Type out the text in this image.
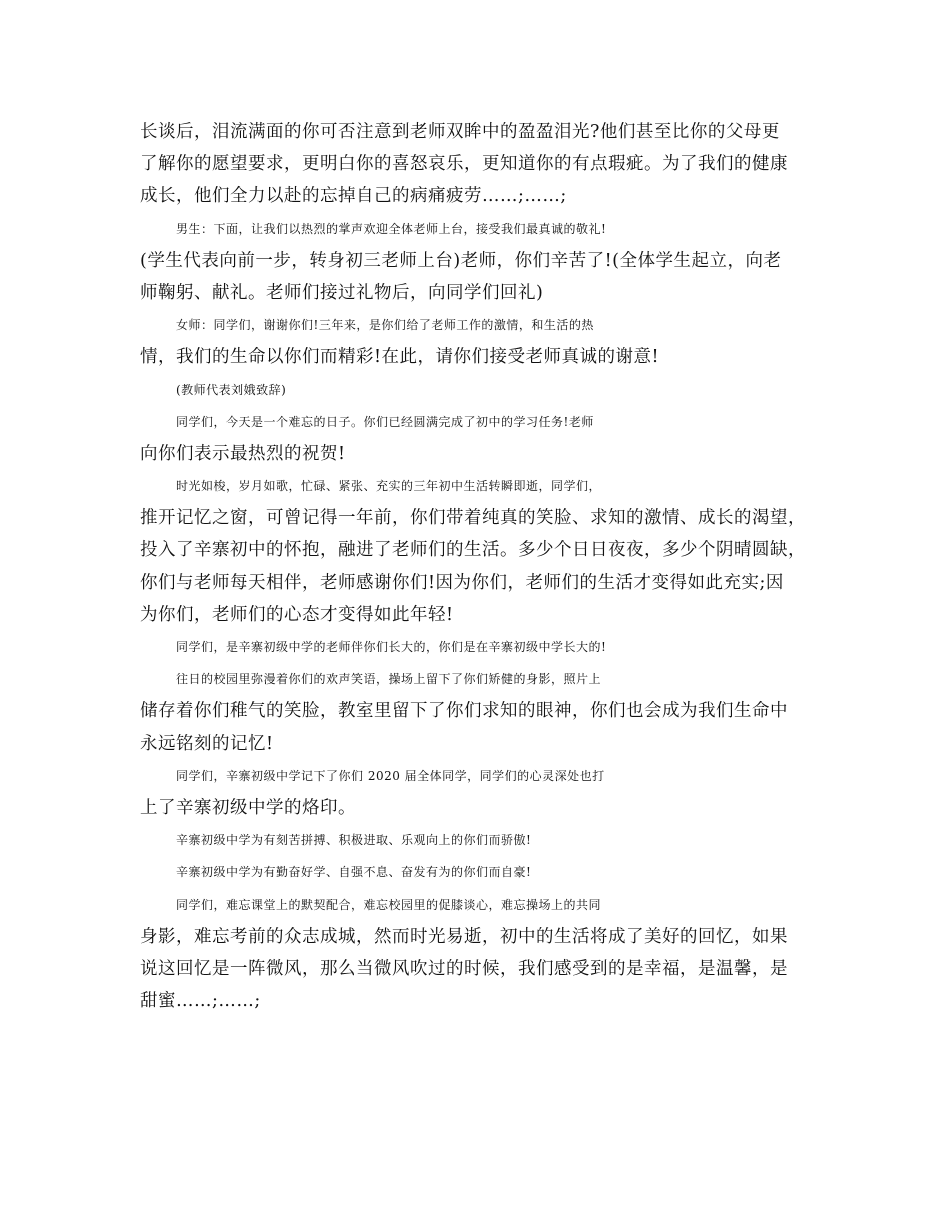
长谈后，泪流满面的你可否注意到老师双眸中的盈盈泪光?他们甚至比你的父母更
了解你的愿望要求，更明白你的喜怒哀乐，更知道你的有点瑕疵。为了我们的健康
成长，他们全力以赴的忘掉自己的病痛疲劳……;……;
男生：下面，让我们以热烈的掌声欢迎全体老师上台，接受我们最真诚的敬礼!
(学生代表向前一步，转身初三老师上台)老师，你们辛苦了!(全体学生起立，向老
师鞠躬、献礼。老师们接过礼物后，向同学们回礼)
女师：同学们，谢谢你们!三年来，是你们给了老师工作的激情，和生活的热
情，我们的生命以你们而精彩!在此，请你们接受老师真诚的谢意!
(教师代表刘娥致辞)
同学们，今天是一个难忘的日子。你们已经圆满完成了初中的学习任务!老师
向你们表示最热烈的祝贺!
时光如梭，岁月如歌，忙碌、紧张、充实的三年初中生活转瞬即逝，同学们，
推开记忆之窗，可曾记得一年前，你们带着纯真的笑脸、求知的激情、成长的渴望，
投入了辛寨初中的怀抱，融进了老师们的生活。多少个日日夜夜，多少个阴晴圆缺，
你们与老师每天相伴，老师感谢你们!因为你们，老师们的生活才变得如此充实;因
为你们，老师们的心态才变得如此年轻!
同学们，是辛寨初级中学的老师伴你们长大的，你们是在辛寨初级中学长大的!
往日的校园里弥漫着你们的欢声笑语，操场上留下了你们矫健的身影，照片上
储存着你们稚气的笑脸，教室里留下了你们求知的眼神，你们也会成为我们生命中
永远铭刻的记忆!
同学们，辛寨初级中学记下了你们 2020 届全体同学，同学们的心灵深处也打
上了辛寨初级中学的烙印。
辛寨初级中学为有刻苦拼搏、积极进取、乐观向上的你们而骄傲!
辛寨初级中学为有勤奋好学、自强不息、奋发有为的你们而自豪!
同学们，难忘课堂上的默契配合，难忘校园里的促膝谈心，难忘操场上的共同
身影，难忘考前的众志成城，然而时光易逝，初中的生活将成了美好的回忆，如果
说这回忆是一阵微风，那么当微风吹过的时候，我们感受到的是幸福，是温馨，是
甜蜜……;……;
